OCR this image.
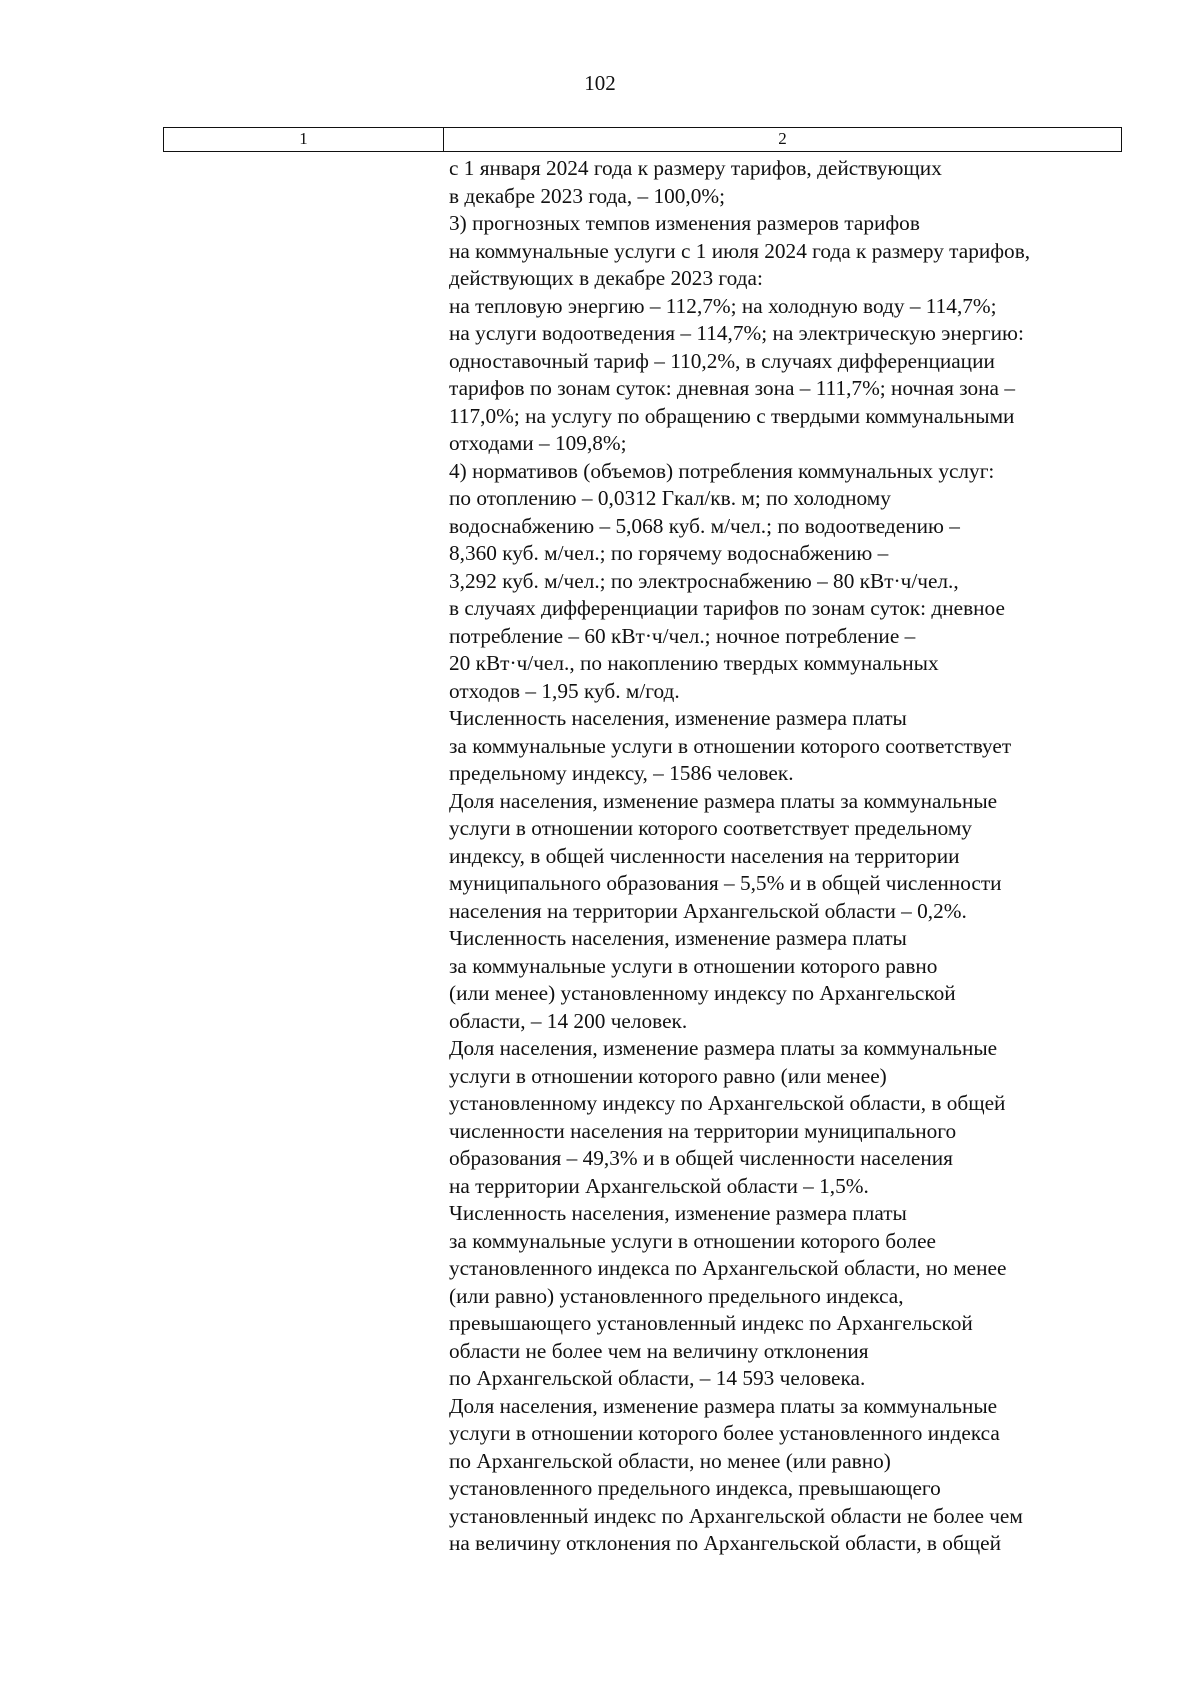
102
1	2
с 1 января 2024 года к размеру тарифов, действующих
в декабре 2023 года, – 100,0%;
3) прогнозных темпов изменения размеров тарифов
на коммунальные услуги с 1 июля 2024 года к размеру тарифов,
действующих в декабре 2023 года:
на тепловую энергию – 112,7%; на холодную воду – 114,7%;
на услуги водоотведения – 114,7%; на электрическую энергию:
одноставочный тариф – 110,2%, в случаях дифференциации
тарифов по зонам суток: дневная зона – 111,7%; ночная зона –
117,0%; на услугу по обращению с твердыми коммунальными
отходами – 109,8%;
4) нормативов (объемов) потребления коммунальных услуг:
по отоплению – 0,0312 Гкал/кв. м; по холодному
водоснабжению – 5,068 куб. м/чел.; по водоотведению –
8,360 куб. м/чел.; по горячему водоснабжению –
3,292 куб. м/чел.; по электроснабжению – 80 кВт·ч/чел.,
в случаях дифференциации тарифов по зонам суток: дневное
потребление – 60 кВт·ч/чел.; ночное потребление –
20 кВт·ч/чел., по накоплению твердых коммунальных
отходов – 1,95 куб. м/год.
Численность населения, изменение размера платы
за коммунальные услуги в отношении которого соответствует
предельному индексу, – 1586 человек.
Доля населения, изменение размера платы за коммунальные
услуги в отношении которого соответствует предельному
индексу, в общей численности населения на территории
муниципального образования – 5,5% и в общей численности
населения на территории Архангельской области – 0,2%.
Численность населения, изменение размера платы
за коммунальные услуги в отношении которого равно
(или менее) установленному индексу по Архангельской
области, – 14 200 человек.
Доля населения, изменение размера платы за коммунальные
услуги в отношении которого равно (или менее)
установленному индексу по Архангельской области, в общей
численности населения на территории муниципального
образования – 49,3% и в общей численности населения
на территории Архангельской области – 1,5%.
Численность населения, изменение размера платы
за коммунальные услуги в отношении которого более
установленного индекса по Архангельской области, но менее
(или равно) установленного предельного индекса,
превышающего установленный индекс по Архангельской
области не более чем на величину отклонения
по Архангельской области, – 14 593 человека.
Доля населения, изменение размера платы за коммунальные
услуги в отношении которого более установленного индекса
по Архангельской области, но менее (или равно)
установленного предельного индекса, превышающего
установленный индекс по Архангельской области не более чем
на величину отклонения по Архангельской области, в общей
